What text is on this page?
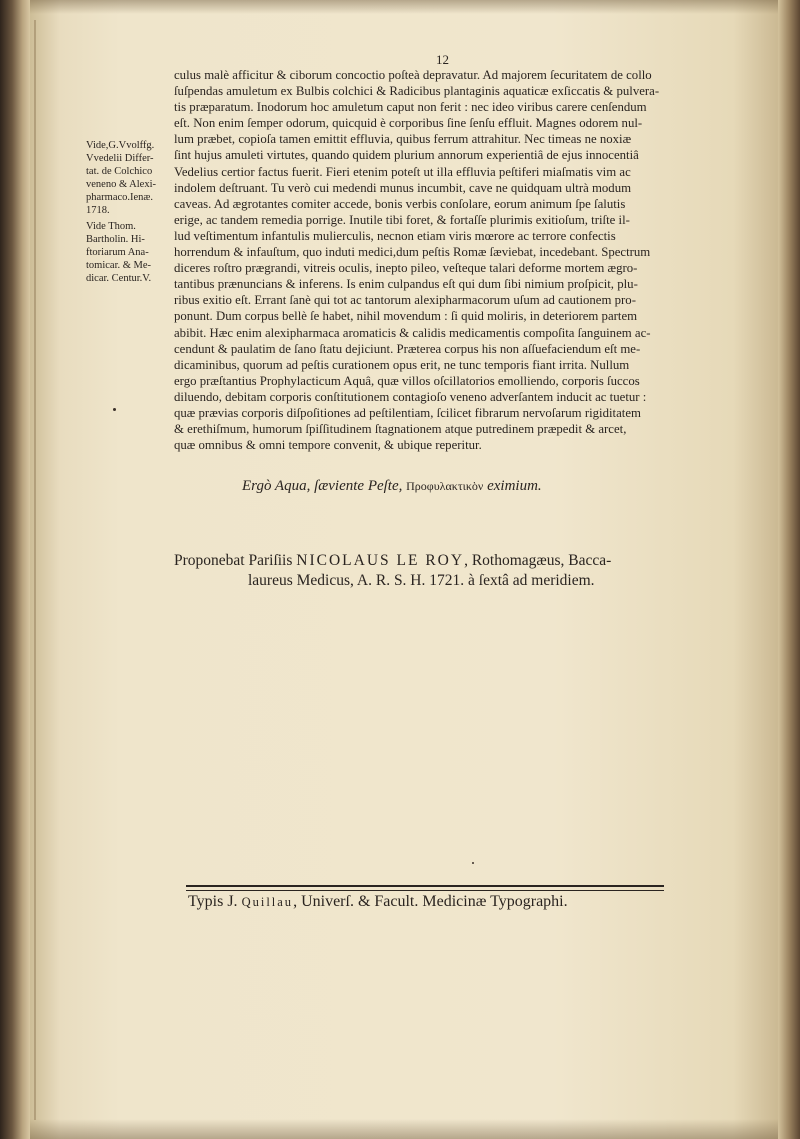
12
Vide,G.Vvolffg.
Vvedelii Differ-
tat. de Colchico
veneno & Alexi-
pharmaco.Ienæ.
1718.
Vide Thom.
Bartholin. Hi-
ftoriarum Ana-
tomicar. & Me-
dicar. Centur.V.
culus malè afficitur & ciborum concoctio poſteà depravatur. Ad majorem ſecuritatem de collo
ſuſpendas amuletum ex Bulbis colchici & Radicibus plantaginis aquaticæ exſiccatis & pulvera-
tis præparatum. Inodorum hoc amuletum caput non ferit : nec ideo viribus carere cenſendum
eſt. Non enim ſemper odorum, quicquid è corporibus ſine ſenſu effluit. Magnes odorem nul-
lum præbet, copioſa tamen emittit effluvia, quibus ferrum attrahitur. Nec timeas ne noxiæ
ſint hujus amuleti virtutes, quando quidem plurium annorum experientiâ de ejus innocentiâ
Vedelius certior factus fuerit. Fieri etenim poteſt ut illa effluvia peſtiferi miaſmatis vim ac
indolem deſtruant. Tu verò cui medendi munus incumbit, cave ne quidquam ultrà modum
caveas. Ad ægrotantes comiter accede, bonis verbis conſolare, eorum animum ſpe ſalutis
erige, ac tandem remedia porrige. Inutile tibi foret, & fortaſſe plurimis exitioſum, triſte il-
lud veſtimentum infantulis mulierculis, necnon etiam viris mœrore ac terrore confectis
horrendum & infauſtum, quo induti medici,dum peſtis Romæ ſæviebat, incedebant. Spectrum
diceres roſtro prægrandi, vitreis oculis, inepto pileo, veſteque talari deforme mortem ægro-
tantibus prænuncians & inferens. Is enim culpandus eſt qui dum ſibi nimium proſpicit, plu-
ribus exitio eſt. Errant ſanè qui tot ac tantorum alexipharmacorum uſum ad cautionem pro-
ponunt. Dum corpus bellè ſe habet, nihil movendum : ſi quid moliris, in deteriorem partem
abibit. Hæc enim alexipharmaca aromaticis & calidis medicamentis compoſita ſanguinem ac-
cendunt & paulatim de ſano ſtatu dejiciunt. Præterea corpus his non aſſuefaciendum eſt me-
dicaminibus, quorum ad peſtis curationem opus erit, ne tunc temporis fiant irrita. Nullum
ergo præſtantius Prophylacticum Aquâ, quæ villos oſcillatorios emolliendo, corporis ſuccos
diluendo, debitam corporis conſtitutionem contagioſo veneno adverſantem inducit ac tuetur :
quæ prævias corporis diſpoſitiones ad peſtilentiam, ſcilicet fibrarum nervoſarum rigiditatem
& erethiſmum, humorum ſpiſſitudinem ſtagnationem atque putredinem præpedit & arcet,
quæ omnibus & omni tempore convenit, & ubique reperitur.
Ergò Aqua, ſæviente Peſte, Προφυλακτικὸν eximium.
Proponebat Pariſiis NICOLAUS LE ROY, Rothomagæus, Bacca-
laureus Medicus, A. R. S. H. 1721. à ſextâ ad meridiem.
Typis J. Quillau, Univerſ. & Facult. Medicinæ Typographi.
